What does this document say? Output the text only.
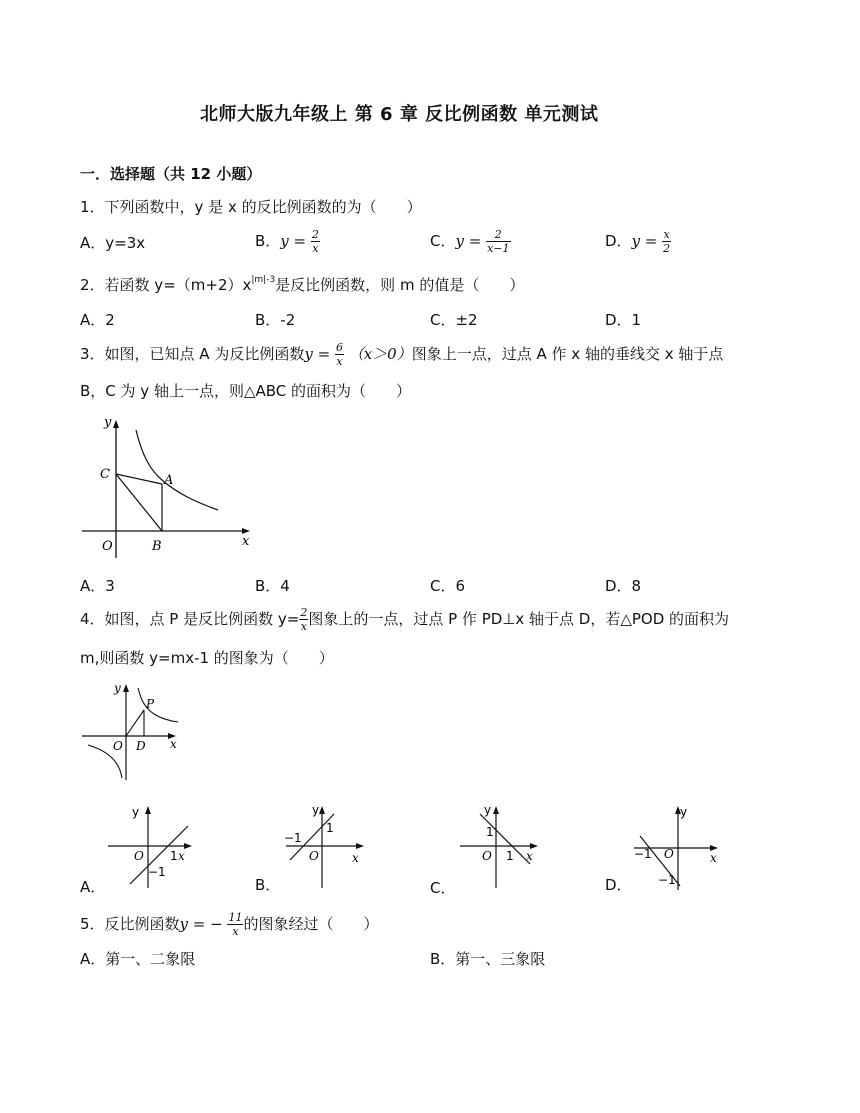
北师大版九年级上 第 6 章 反比例函数 单元测试
一．选择题（共 12 小题）
1．下列函数中，y 是 x 的反比例函数的为（　　）
A．y=3x	B．$y = \frac{2}{x}$	C．$y = \frac{2}{x-1}$	D．$y = \frac{x}{2}$
2．若函数 $y=(m+2)x^{|m|-3}$是反比例函数，则 m 的值是（　　）
A．2	B．-2	C．±2	D．1
3．如图，已知点 A 为反比例函数$y = \frac{6}{x} (x>0)$图象上一点，过点 A 作 x 轴的垂线交 x 轴于点
B，C 为 y 轴上一点，则△ABC 的面积为（　　）
y
x
O	B
C	A
A．3	B．4	C．6	D．8
4．如图，点 P 是反比例函数 $y= \frac{2}{x}$ 图象上的一点，过点 P 作 PD⊥x 轴于点 D，若△POD 的面积为
m,则函数 y=mx-1 的图象为（　　）
y
P
O D x
A．
y
O 1 x
−1
B．
y
1
−1
O	x
C．
y
1
O 1 x
D．
y
−1 O	x
−1
5．反比例函数y = − $\frac{11}{x}$ 的图象经过（　　）
A．第一、二象限	B．第一、三象限
